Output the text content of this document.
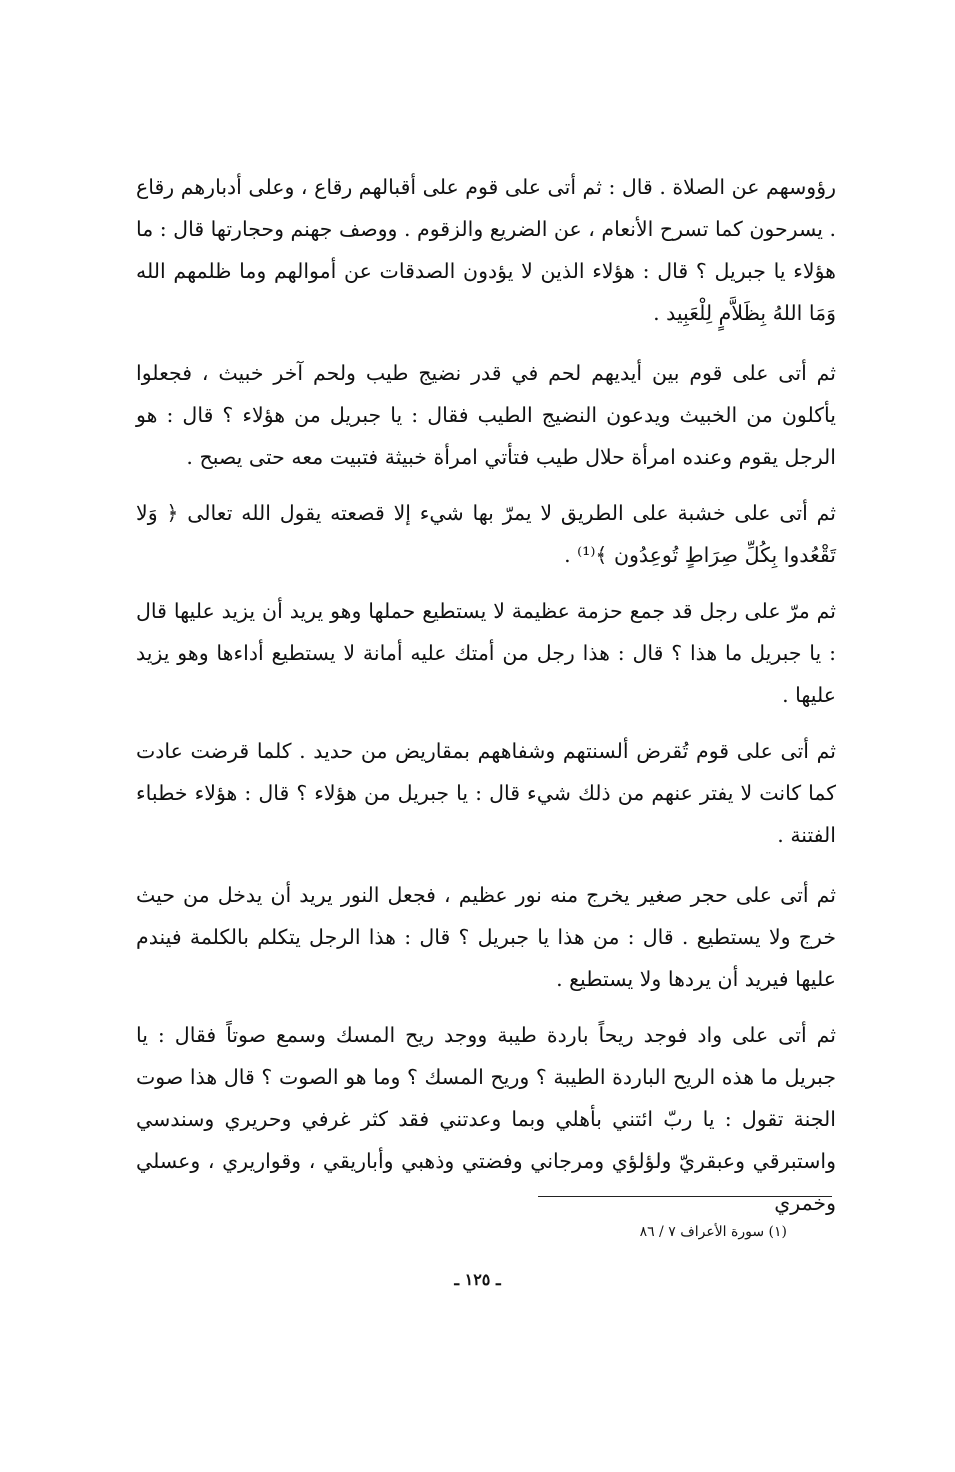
رؤوسهم عن الصلاة . قال : ثم أتى على قوم على أقبالهم رقاع ، وعلى أدبارهم رقاع . يسرحون كما تسرح الأنعام ، عن الضريع والزقوم . ووصف جهنم وحجارتها قال : ما هؤلاء يا جبريل ؟ قال : هؤلاء الذين لا يؤدون الصدقات عن أموالهم وما ظلمهم الله وَمَا اللهُ بِظَلاَّمٍ لِلْعَبِيد .

ثم أتى على قوم بين أيديهم لحم في قدر نضيج طيب ولحم آخر خبيث ، فجعلوا يأكلون من الخبيث ويدعون النضيج الطيب فقال : يا جبريل من هؤلاء ؟ قال : هو الرجل يقوم وعنده امرأة حلال طيب فتأتي امرأة خبيثة فتبيت معه حتى يصبح .

ثم أتى على خشبة على الطريق لا يمرّ بها شيء إلا قصعته يقول الله تعالى ﴿ وَلا تَقْعُدوا بِكُلِّ صِرَاطٍ تُوعِدُون ﴾⁽¹⁾ .

ثم مرّ على رجل قد جمع حزمة عظيمة لا يستطيع حملها وهو يريد أن يزيد عليها قال : يا جبريل ما هذا ؟ قال : هذا رجل من أمتك عليه أمانة لا يستطيع أداءها وهو يزيد عليها .

ثم أتى على قوم تُقرض ألسنتهم وشفاههم بمقاريض من حديد . كلما قرضت عادت كما كانت لا يفتر عنهم من ذلك شيء قال : يا جبريل من هؤلاء ؟ قال : هؤلاء خطباء الفتنة .

ثم أتى على حجر صغير يخرج منه نور عظيم ، فجعل النور يريد أن يدخل من حيث خرج ولا يستطيع . قال : من هذا يا جبريل ؟ قال : هذا الرجل يتكلم بالكلمة فيندم عليها فيريد أن يردها ولا يستطيع .

ثم أتى على واد فوجد ريحاً باردة طيبة ووجد ريح المسك وسمع صوتاً فقال : يا جبريل ما هذه الريح الباردة الطيبة ؟ وريح المسك ؟ وما هو الصوت ؟ قال هذا صوت الجنة تقول : يا ربّ ائتني بأهلي وبما وعدتني فقد كثر غرفي وحريري وسندسي واستبرقي وعبقريّ ولؤلؤي ومرجاني وفضتي وذهبي وأباريقي ، وقواريري ، وعسلي وخمري

(١) سورة الأعراف ٧ / ٨٦
ـ ١٢٥ ـ
